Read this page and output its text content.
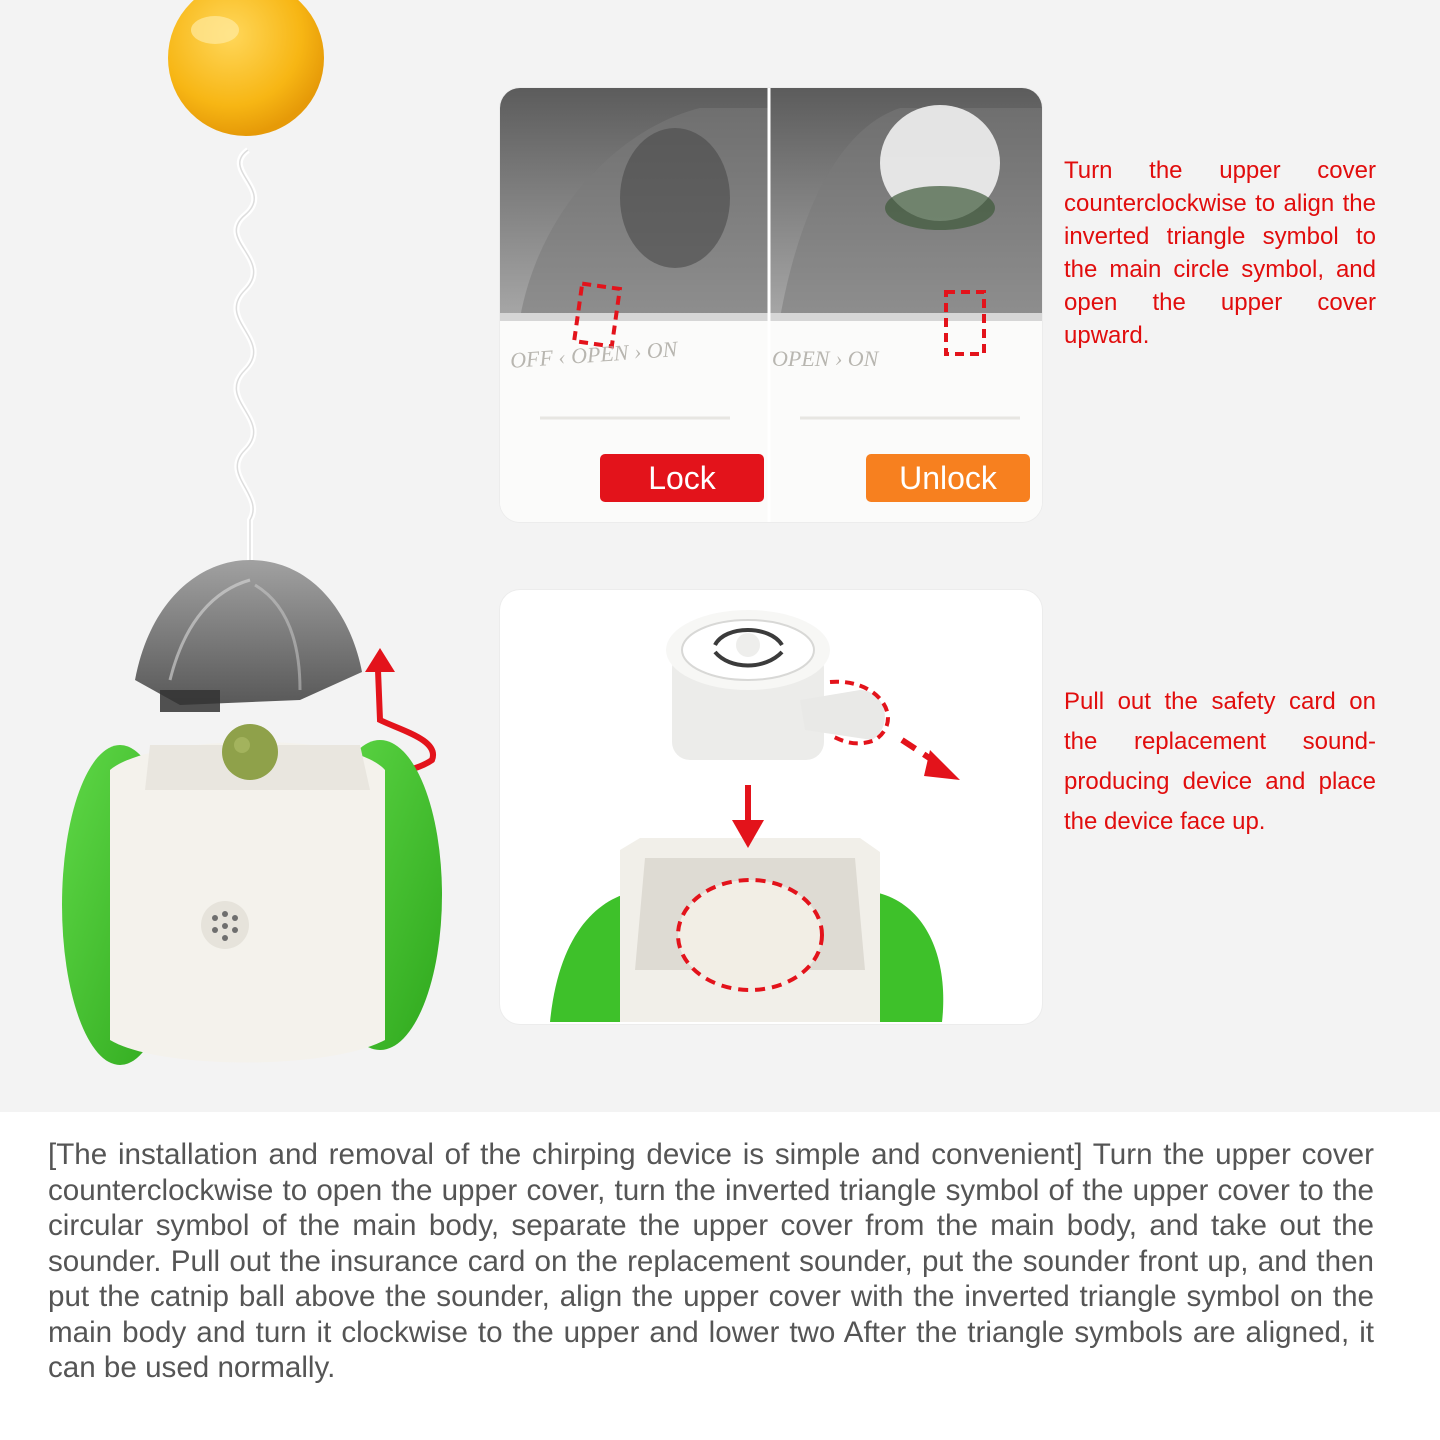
OFF ‹ OPEN › ON	OPEN › ON
Lock	Unlock
Turn the upper cover counterclockwise to align the inverted triangle symbol to the main circle symbol, and open the upper cover upward.
Pull out the safety card on the replacement sound-producing device and place the device face up.
[The installation and removal of the chirping device is simple and convenient] Turn the upper cover counterclockwise to open the upper cover, turn the inverted triangle symbol of the upper cover to the circular symbol of the main body, separate the upper cover from the main body, and take out the sounder. Pull out the insurance card on the replacement sounder, put the sounder front up, and then put the catnip ball above the sounder, align the upper cover with the inverted triangle symbol on the main body and turn it clockwise to the upper and lower two After the triangle symbols are aligned, it can be used normally.
